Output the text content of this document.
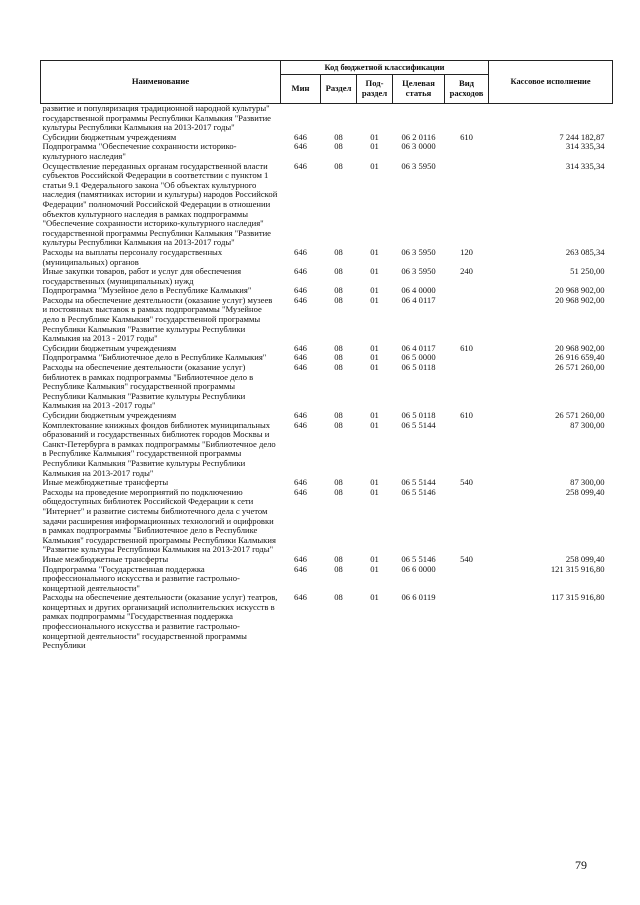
Наименование	Код бюджетной классификации					Кассовое исполнение
	Мин	Раздел	Под-раздел	Целевая статья	Вид расходов	
развитие и популяризация традиционной народной культуры" государственной программы Республики Калмыкия "Развитие культуры Республики Калмыкия на 2013-2017 годы"						
Субсидии бюджетным учреждениям	646	08	01	06 2 0116	610	7 244 182,87
Подпрограмма "Обеспечение сохранности историко-культурного наследия"	646	08	01	06 3 0000		314 335,34
Осуществление переданных органам государственной власти субъектов Российской Федерации в соответствии с пунктом 1 статьи 9.1 Федерального закона "Об объектах культурного наследия (памятниках истории и культуры) народов Российской Федерации" полномочий Российской Федерации в отношении объектов культурного наследия в рамках подпрограммы "Обеспечение сохранности историко-культурного наследия" государственной программы Республики Калмыкия "Развитие культуры Республики Калмыкия на 2013-2017 годы"	646	08	01	06 3 5950		314 335,34
Расходы на выплаты персоналу государственных (муниципальных) органов	646	08	01	06 3 5950	120	263 085,34
Иные закупки товаров, работ и услуг для обеспечения государственных (муниципальных) нужд	646	08	01	06 3 5950	240	51 250,00
Подпрограмма "Музейное дело в Республике Калмыкия"	646	08	01	06 4 0000		20 968 902,00
Расходы на обеспечение деятельности (оказание услуг) музеев и постоянных выставок в рамках подпрограммы "Музейное дело в Республике Калмыкия" государственной программы Республики Калмыкия "Развитие культуры Республики Калмыкия на 2013 - 2017 годы"	646	08	01	06 4 0117		20 968 902,00
Субсидии бюджетным учреждениям	646	08	01	06 4 0117	610	20 968 902,00
Подпрограмма "Библиотечное дело в Республике Калмыкия"	646	08	01	06 5 0000		26 916 659,40
Расходы на обеспечение деятельности (оказание услуг) библиотек в рамках подпрограммы "Библиотечное дело в Республике Калмыкия" государственной программы Республики Калмыкия "Развитие культуры Республики Калмыкия на 2013 -2017 годы"	646	08	01	06 5 0118		26 571 260,00
Субсидии бюджетным учреждениям	646	08	01	06 5 0118	610	26 571 260,00
Комплектование книжных фондов библиотек муниципальных образований и государственных библиотек городов Москвы и Санкт-Петербурга в рамках подпрограммы "Библиотечное дело в Республике Калмыкия" государственной программы Республики Калмыкия "Развитие культуры Республики Калмыкия на 2013-2017 годы"	646	08	01	06 5 5144		87 300,00
Иные межбюджетные трансферты	646	08	01	06 5 5144	540	87 300,00
Расходы на проведение мероприятий по подключению общедоступных библиотек Российской Федерации к сети "Интернет" и развитие системы библиотечного дела с учетом задачи расширения информационных технологий и оцифровки в рамках подпрограммы "Библиотечное дело в Республике Калмыкия" государственной программы Республики Калмыкия "Развитие культуры Республики Калмыкия на 2013-2017 годы"	646	08	01	06 5 5146		258 099,40
Иные межбюджетные трансферты	646	08	01	06 5 5146	540	258 099,40
Подпрограмма "Государственная поддержка профессионального искусства и развитие гастрольно-концертной деятельности"	646	08	01	06 6 0000		121 315 916,80
Расходы на обеспечение деятельности (оказание услуг) театров, концертных и других организаций исполнительских искусств в рамках подпрограммы "Государственная поддержка профессионального искусства и развитие гастрольно-концертной деятельности" государственной программы Республики	646	08	01	06 6 0119		117 315 916,80
79
